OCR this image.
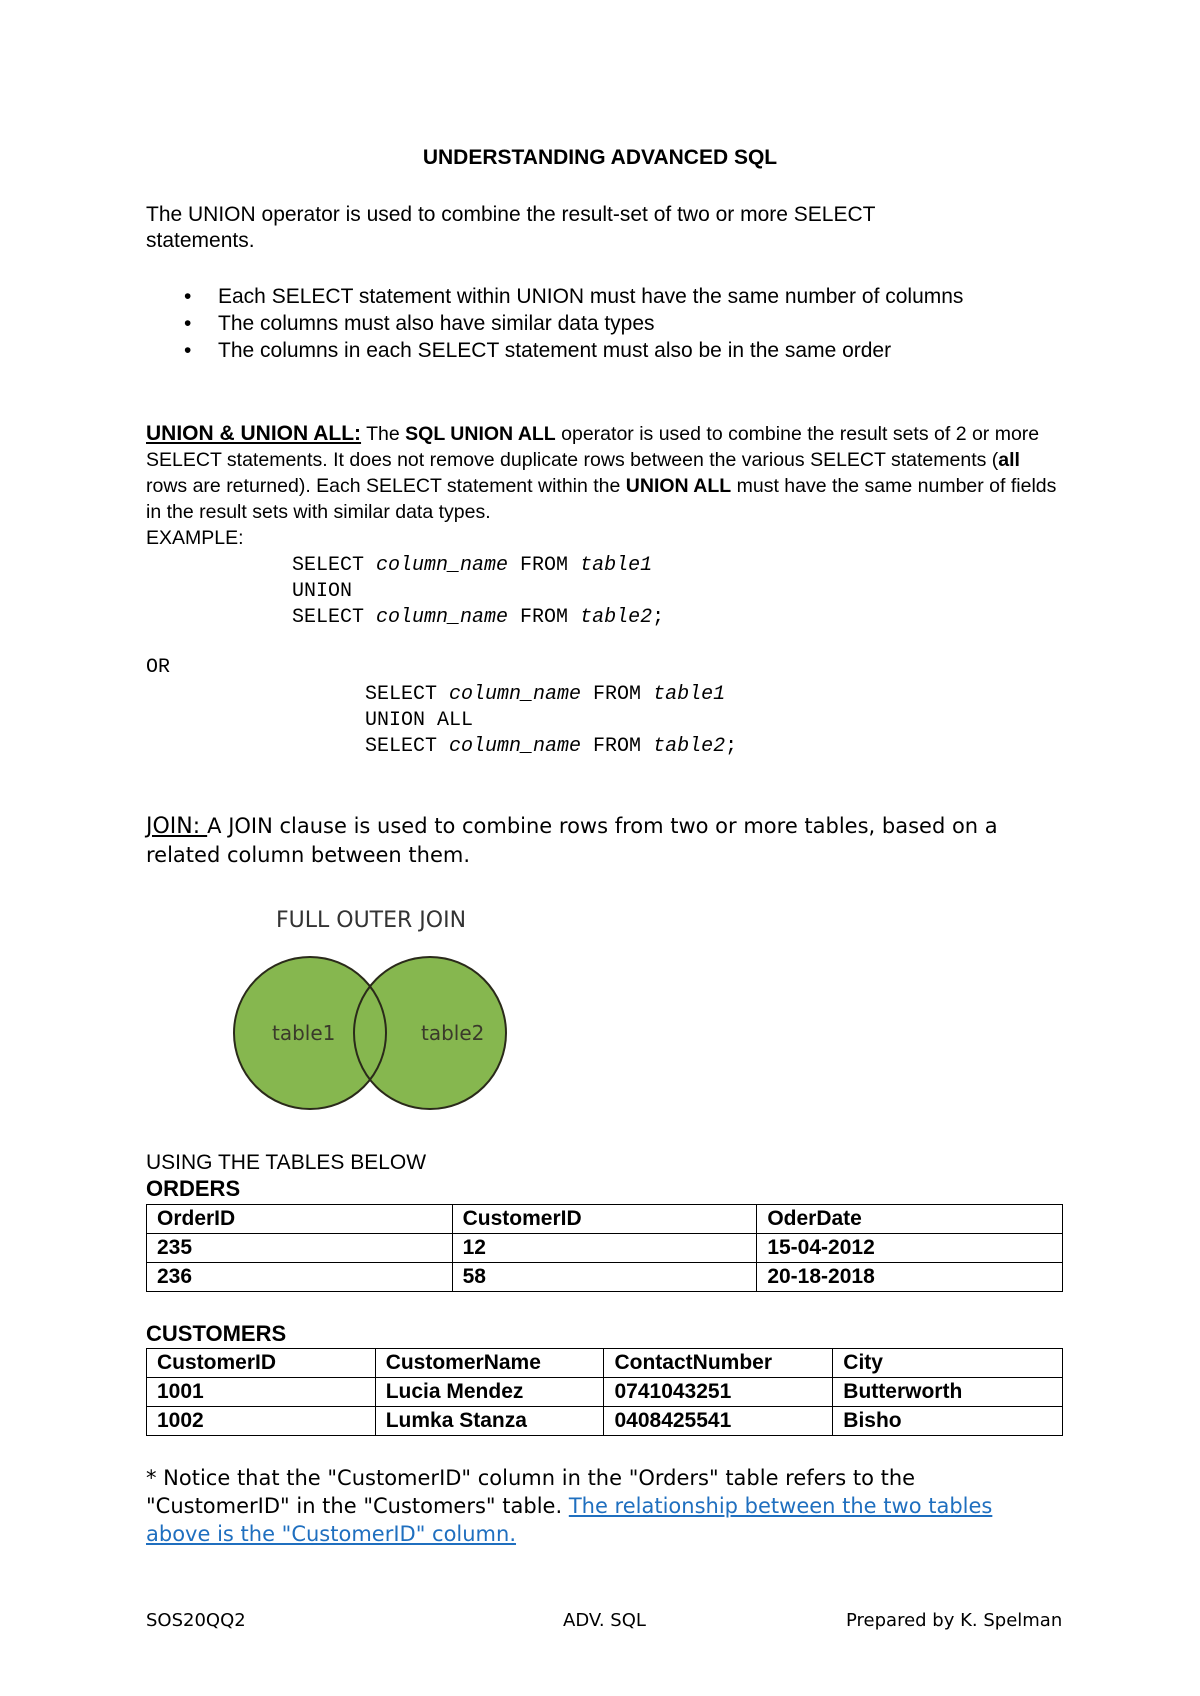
UNDERSTANDING ADVANCED SQL
The UNION operator is used to combine the result-set of two or more SELECT statements.
• Each SELECT statement within UNION must have the same number of columns
• The columns must also have similar data types
• The columns in each SELECT statement must also be in the same order
UNION & UNION ALL: The SQL UNION ALL operator is used to combine the result sets of 2 or more SELECT statements. It does not remove duplicate rows between the various SELECT statements (all rows are returned). Each SELECT statement within the UNION ALL must have the same number of fields in the result sets with similar data types.
EXAMPLE:
SELECT column_name FROM table1
UNION
SELECT column_name FROM table2;
OR
SELECT column_name FROM table1
UNION ALL
SELECT column_name FROM table2;
JOIN: A JOIN clause is used to combine rows from two or more tables, based on a related column between them.
FULL OUTER JOIN
table1	table2
USING THE TABLES BELOW
ORDERS
OrderID	CustomerID	OderDate
235	12	15-04-2012
236	58	20-18-2018
CUSTOMERS
CustomerID	CustomerName	ContactNumber	City
1001	Lucia Mendez	0741043251	Butterworth
1002	Lumka Stanza	0408425541	Bisho
* Notice that the "CustomerID" column in the "Orders" table refers to the "CustomerID" in the "Customers" table. The relationship between the two tables above is the "CustomerID" column.
SOS20QQ2	ADV. SQL	Prepared by K. Spelman
